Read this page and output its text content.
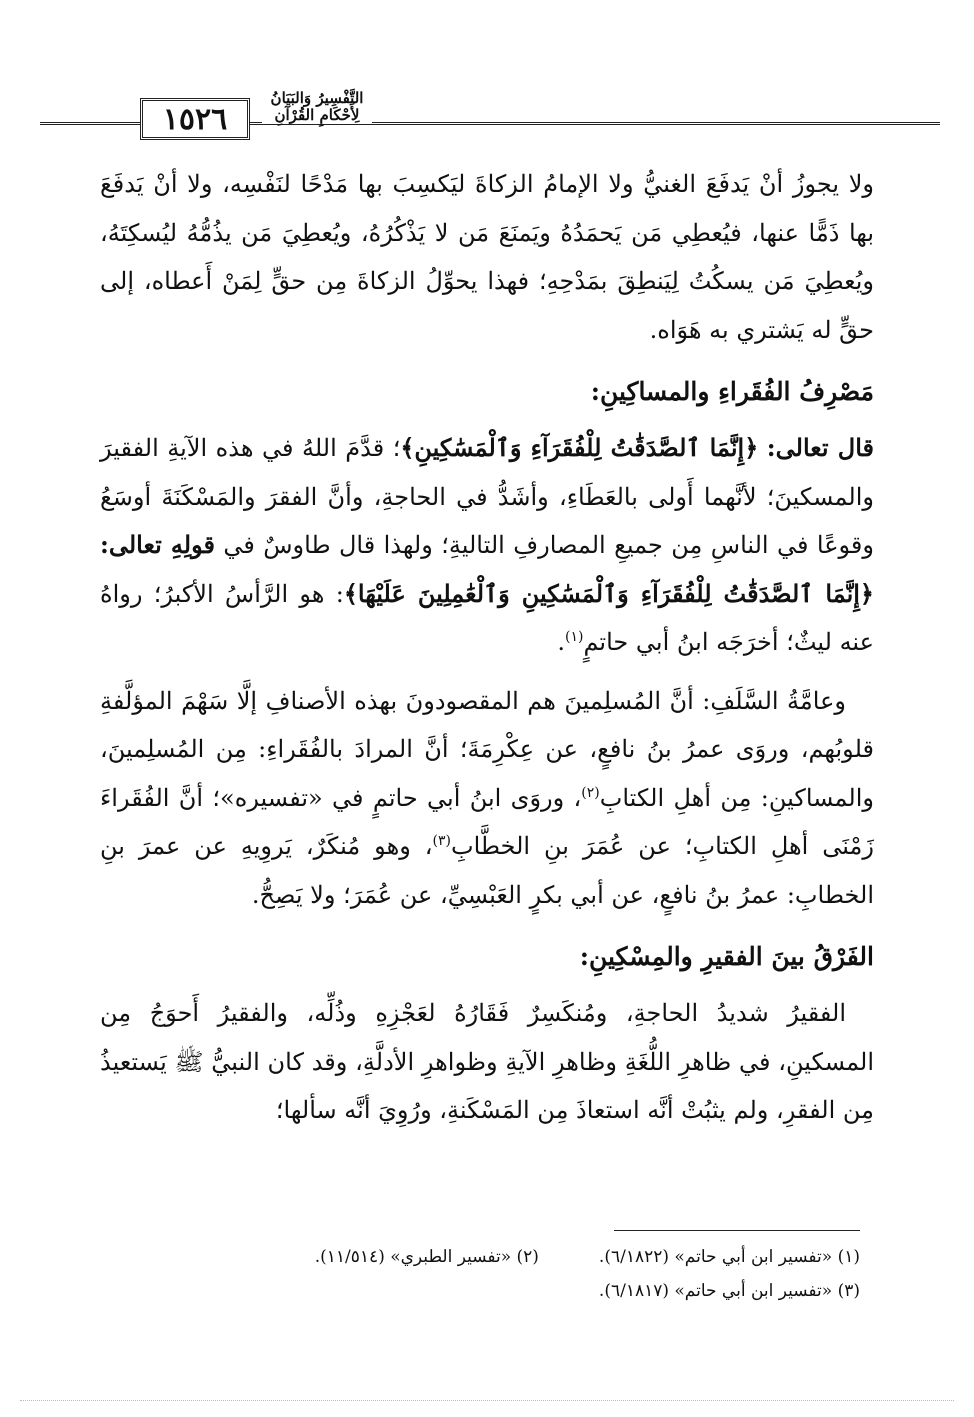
١٥٢٦
التَّفْسِيرُ وَالبَيَانُ لِأَحْكَامِ القُرْآنِ

ولا يجوزُ أنْ يَدفَعَ الغنيُّ ولا الإمامُ الزكاةَ ليَكسِبَ بها مَدْحًا لنَفْسِه، ولا أنْ يَدفَعَ بها ذَمًّا عنها، فيُعطِي مَن يَحمَدُهُ ويَمنَعَ مَن لا يَذْكُرُهُ، ويُعطِيَ مَن يذُمُّهُ ليُسكِتَهُ، ويُعطِيَ مَن يسكُتُ لِيَنطِقَ بمَدْحِهِ؛ فهذا يحوِّلُ الزكاةَ مِن حقٍّ لِمَنْ أَعطاه، إلى حقٍّ له يَشتري به هَوَاه.

مَصْرِفُ الفُقَراءِ والمساكِينِ:

قال تعالى: ﴿إِنَّمَا ٱلصَّدَقَٰتُ لِلْفُقَرَآءِ وَٱلْمَسَٰكِينِ﴾؛ قدَّمَ اللهُ في هذه الآيةِ الفقيرَ والمسكينَ؛ لأنَّهما أَولى بالعَطَاءِ، وأشَدُّ في الحاجةِ، وأنَّ الفقرَ والمَسْكَنَةَ أوسَعُ وقوعًا في الناسِ مِن جميعِ المصارفِ التاليةِ؛ ولهذا قال طاوسٌ في قولِهِ تعالى: ﴿إِنَّمَا ٱلصَّدَقَٰتُ لِلْفُقَرَآءِ وَٱلْمَسَٰكِينِ وَٱلْعَٰمِلِينَ عَلَيْهَا﴾: هو الرَّأسُ الأكبرُ؛ رواهُ عنه ليثٌ؛ أخرَجَه ابنُ أبي حاتمٍ$^{(١)}$.

وعامَّةُ السَّلَفِ: أنَّ المُسلِمينَ هم المقصودونَ بهذه الأصنافِ إلَّا سَهْمَ المؤلَّفةِ قلوبُهم، وروَى عمرُ بنُ نافعٍ، عن عِكْرِمَةَ؛ أنَّ المرادَ بالفُقَراءِ: مِن المُسلِمينَ، والمساكينِ: مِن أهلِ الكتابِ$^{(٢)}$، وروَى ابنُ أبي حاتمٍ في «تفسيره»؛ أنَّ الفُقَراءَ زَمْنَى أهلِ الكتابِ؛ عن عُمَرَ بنِ الخطَّابِ$^{(٣)}$، وهو مُنكَرٌ، يَروِيهِ عن عمرَ بنِ الخطابِ: عمرُ بنُ نافعٍ، عن أبي بكرٍ العَبْسِيِّ، عن عُمَرَ؛ ولا يَصِحُّ.

الفَرْقُ بينَ الفقيرِ والمِسْكِينِ:

الفقيرُ شديدُ الحاجةِ، ومُنكَسِرٌ فَقَارُهُ لعَجْزِهِ وذُلِّه، والفقيرُ أَحوَجُ مِن المسكينِ، في ظاهرِ اللُّغَةِ وظاهرِ الآيةِ وظواهرِ الأدلَّةِ، وقد كان النبيُّ ﷺ يَستعيذُ مِن الفقرِ، ولم يثبُتْ أنَّه استعاذَ مِن المَسْكَنةِ، ورُوِيَ أنَّه سألها؛

(١) «تفسير ابن أبي حاتم» (٦/١٨٢٢).
(٢) «تفسير الطبري» (١١/٥١٤).
(٣) «تفسير ابن أبي حاتم» (٦/١٨١٧).
